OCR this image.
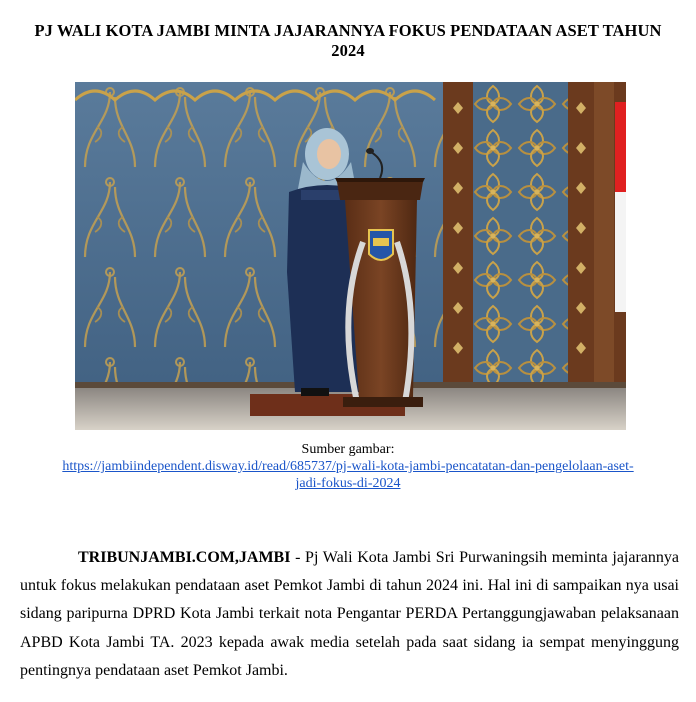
PJ WALI KOTA JAMBI MINTA JAJARANNYA FOKUS PENDATAAN ASET TAHUN 2024
Sumber gambar:
https://jambiindependent.disway.id/read/685737/pj-wali-kota-jambi-pencatatan-dan-pengelolaan-aset-
jadi-fokus-di-2024

TRIBUNJAMBI.COM,JAMBI - Pj Wali Kota Jambi Sri Purwaningsih meminta jajarannya untuk fokus melakukan pendataan aset Pemkot Jambi di tahun 2024 ini. Hal ini di sampaikan nya usai sidang paripurna DPRD Kota Jambi terkait nota Pengantar PERDA Pertanggungjawaban pelaksanaan APBD Kota Jambi TA. 2023 kepada awak media setelah pada saat sidang ia sempat menyinggung pentingnya pendataan aset Pemkot Jambi.
